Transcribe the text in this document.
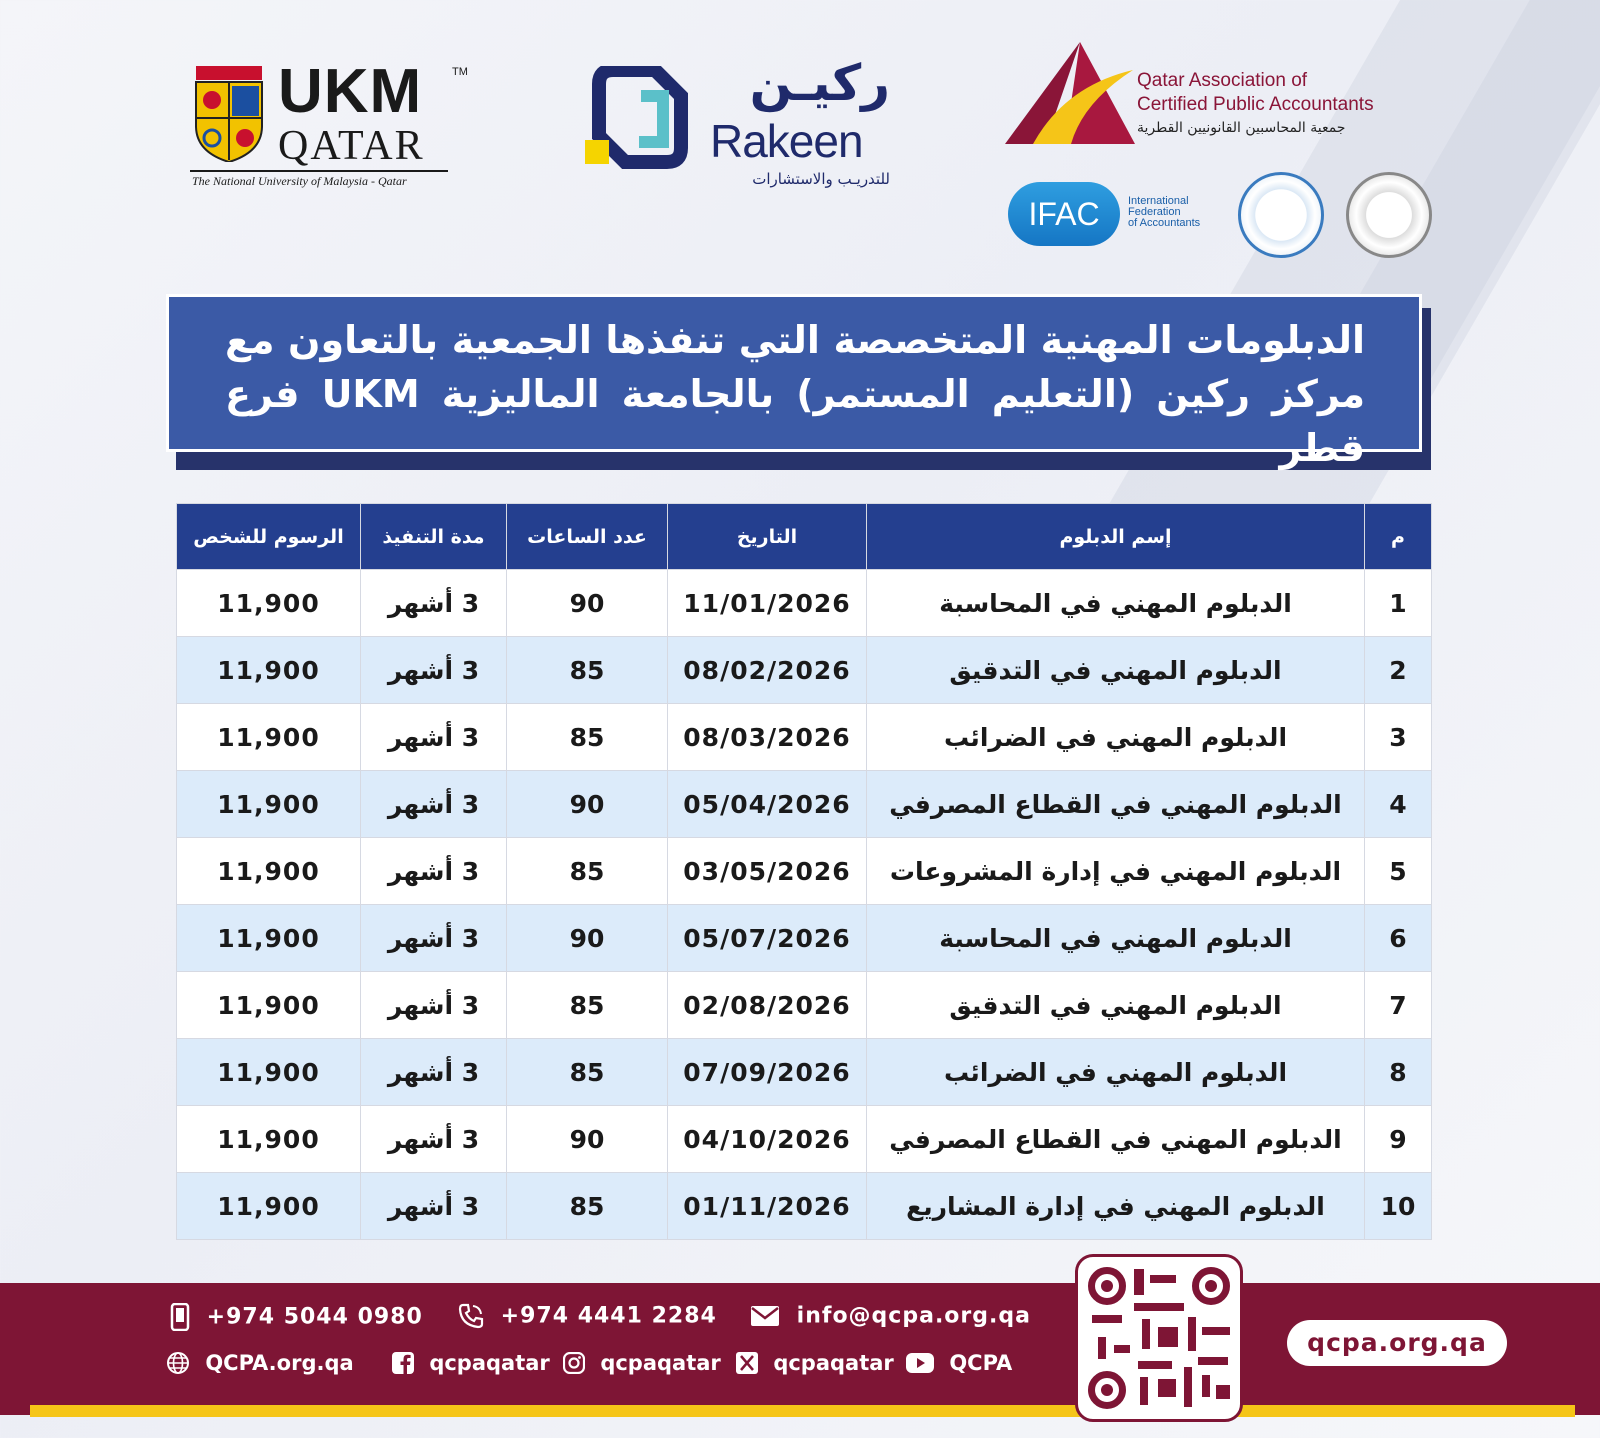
UKM	TM
QATAR
The National University of Malaysia - Qatar
ركيـن
Rakeen
للتدريـب والاستشارات
Qatar Association of
Certified Public Accountants
جمعية المحاسبين القانونيين القطرية
IFAC	International
Federation
of Accountants
الدبلومات المهنية المتخصصة التي تنفذها الجمعية بالتعاون مع مركز ركين (التعليم المستمر) بالجامعة الماليزية UKM فرع قطر
م	إسم الدبلوم	التاريخ	عدد الساعات	مدة التنفيذ	الرسوم للشخص
1	الدبلوم المهني في المحاسبة	11/01/2026	90	3 أشهر	11,900
2	الدبلوم المهني في التدقيق	08/02/2026	85	3 أشهر	11,900
3	الدبلوم المهني في الضرائب	08/03/2026	85	3 أشهر	11,900
4	الدبلوم المهني في القطاع المصرفي	05/04/2026	90	3 أشهر	11,900
5	الدبلوم المهني في إدارة المشروعات	03/05/2026	85	3 أشهر	11,900
6	الدبلوم المهني في المحاسبة	05/07/2026	90	3 أشهر	11,900
7	الدبلوم المهني في التدقيق	02/08/2026	85	3 أشهر	11,900
8	الدبلوم المهني في الضرائب	07/09/2026	85	3 أشهر	11,900
9	الدبلوم المهني في القطاع المصرفي	04/10/2026	90	3 أشهر	11,900
10	الدبلوم المهني في إدارة المشاريع	01/11/2026	85	3 أشهر	11,900
+974 5044 0980	+974 4441 2284	info@qcpa.org.qa
QCPA.org.qa	qcpaqatar	qcpaqatar	qcpaqatar	QCPA
qcpa.org.qa
